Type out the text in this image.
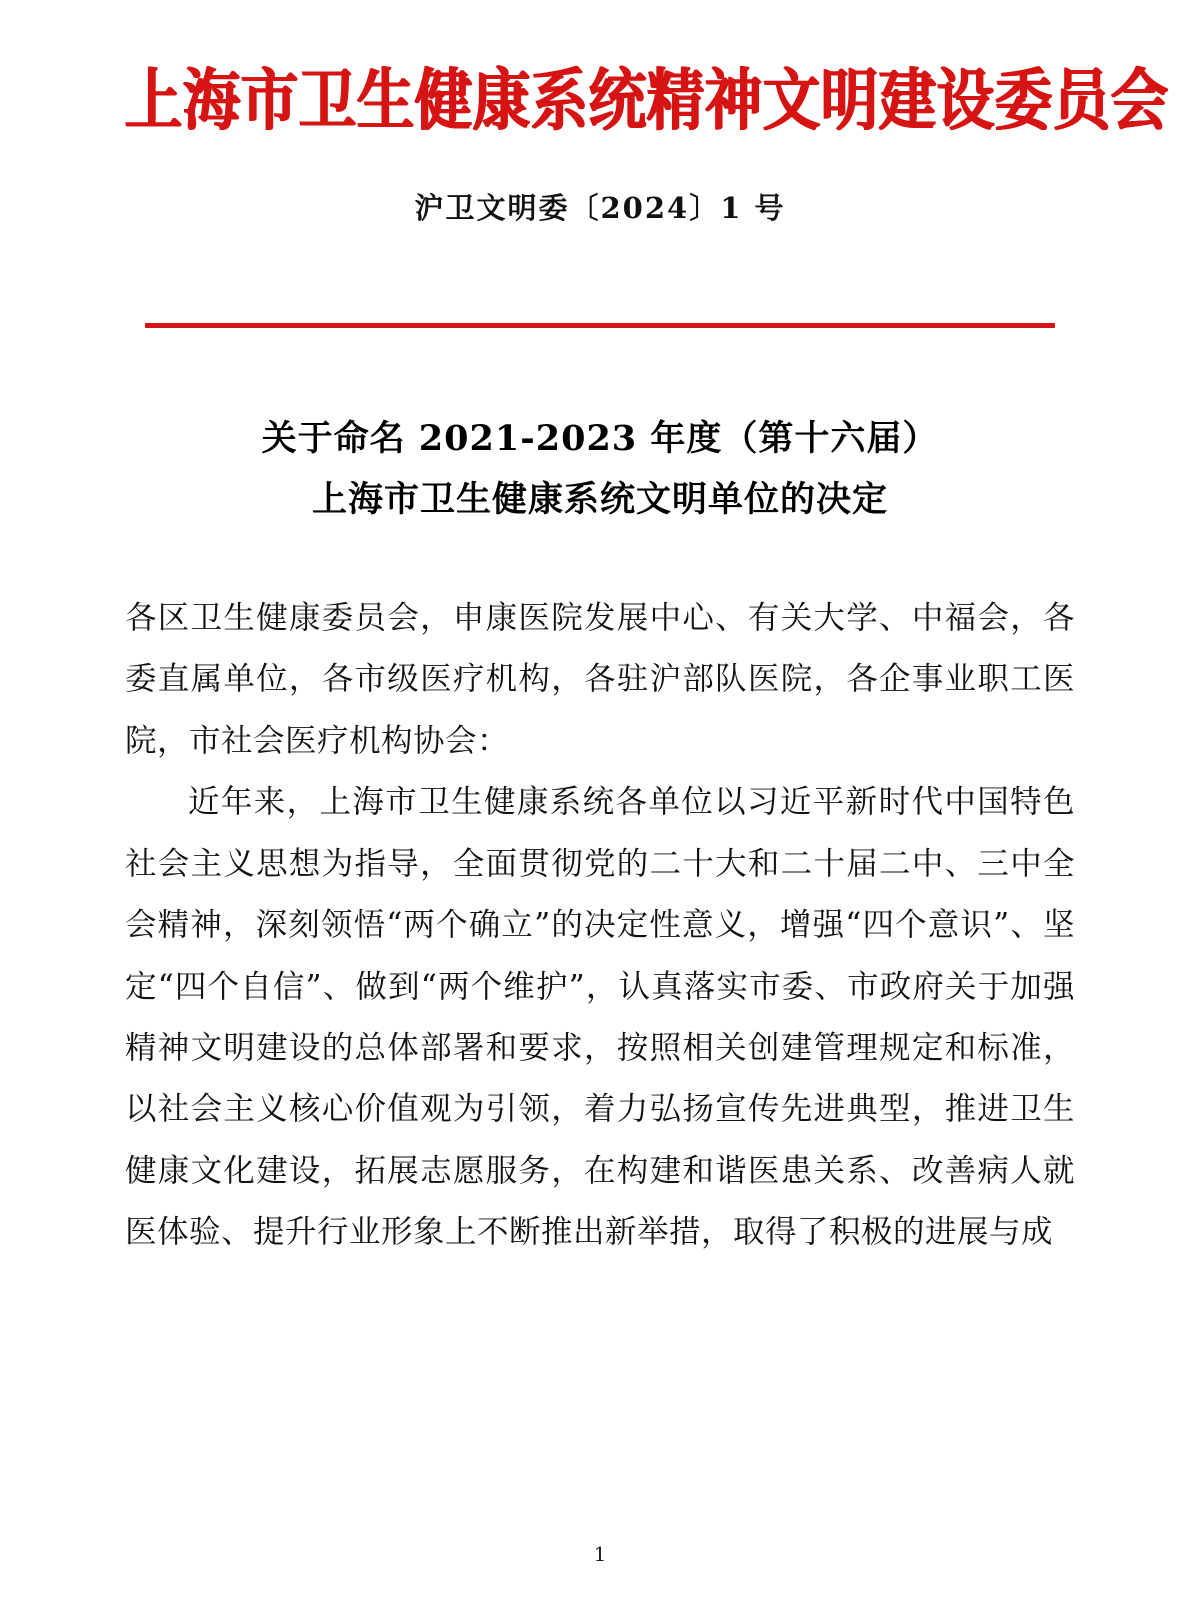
上海市卫生健康系统精神文明建设委员会
沪卫文明委〔2024〕1 号
关于命名 2021-2023 年度（第十六届）
上海市卫生健康系统文明单位的决定

各区卫生健康委员会，申康医院发展中心、有关大学、中福会，各委直属单位，各市级医疗机构，各驻沪部队医院，各企事业职工医院，市社会医疗机构协会：

近年来，上海市卫生健康系统各单位以习近平新时代中国特色社会主义思想为指导，全面贯彻党的二十大和二十届二中、三中全会精神，深刻领悟“两个确立”的决定性意义，增强“四个意识”、坚定“四个自信”、做到“两个维护”，认真落实市委、市政府关于加强精神文明建设的总体部署和要求，按照相关创建管理规定和标准，以社会主义核心价值观为引领，着力弘扬宣传先进典型，推进卫生健康文化建设，拓展志愿服务，在构建和谐医患关系、改善病人就医体验、提升行业形象上不断推出新举措，取得了积极的进展与成

1
